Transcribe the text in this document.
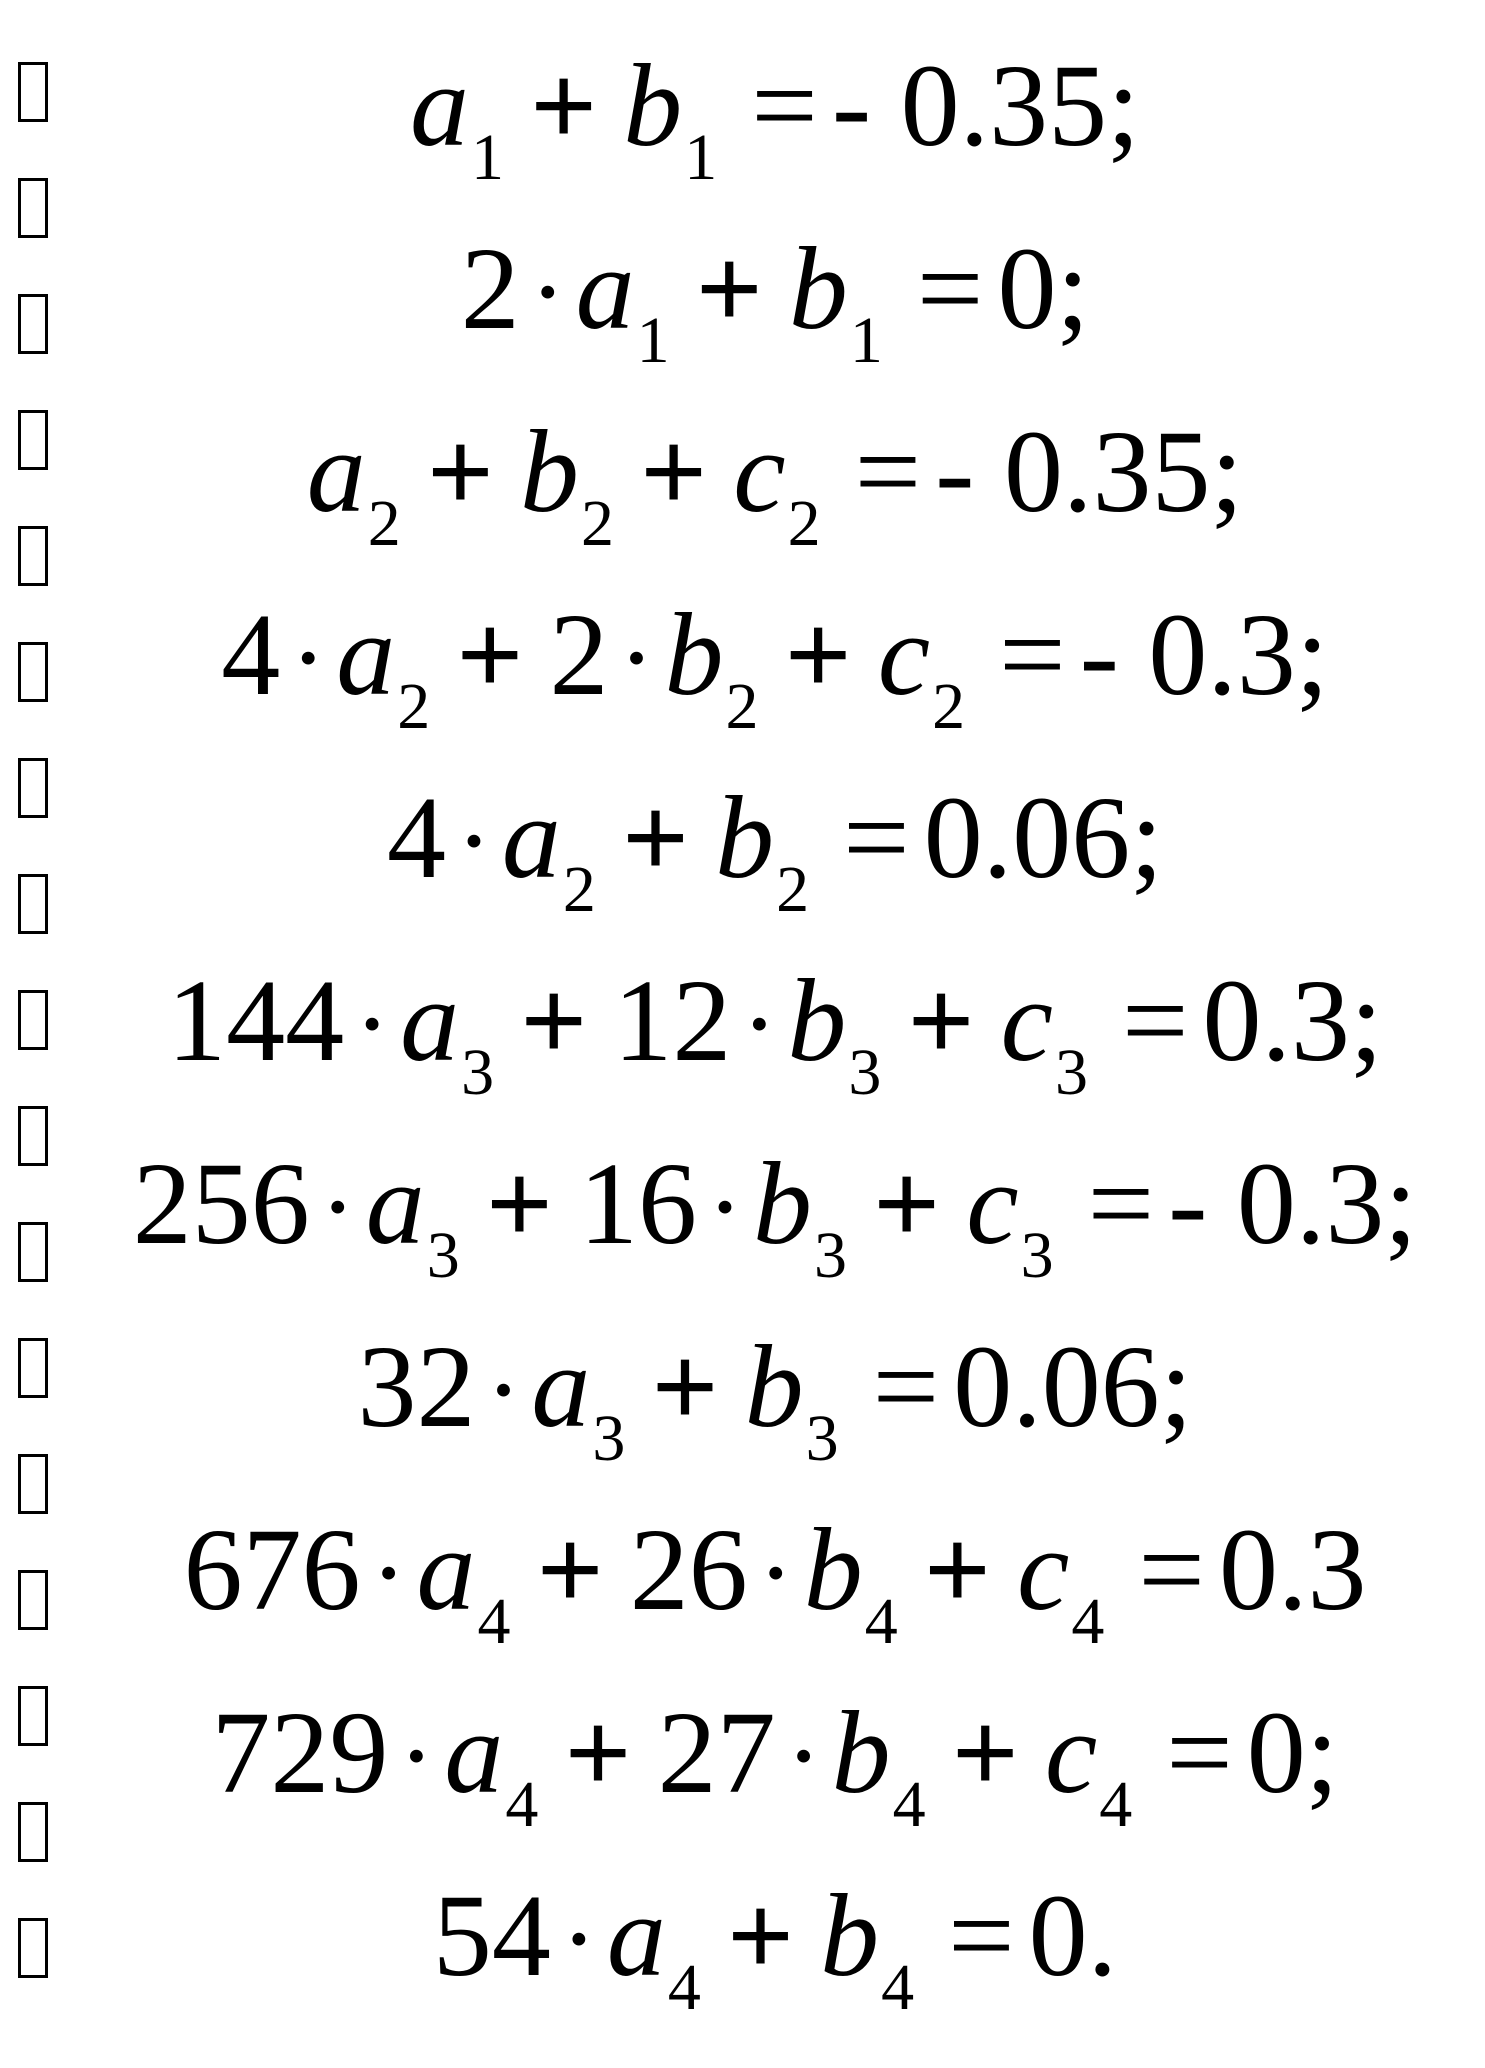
a1 + b1 = - 0.35;
2·a1 + b1 = 0;
a2 + b2 + c2 = - 0.35;
4·a2 + 2·b2 + c2 = - 0.3;
4·a2 + b2 = 0.06;
144·a3 + 12·b3 + c3 = 0.3;
256·a3 + 16·b3 + c3 = - 0.3;
32·a3 + b3 = 0.06;
676·a4 + 26·b4 + c4 = 0.3
729·a4 + 27·b4 + c4 = 0;
54·a4 + b4 = 0.
